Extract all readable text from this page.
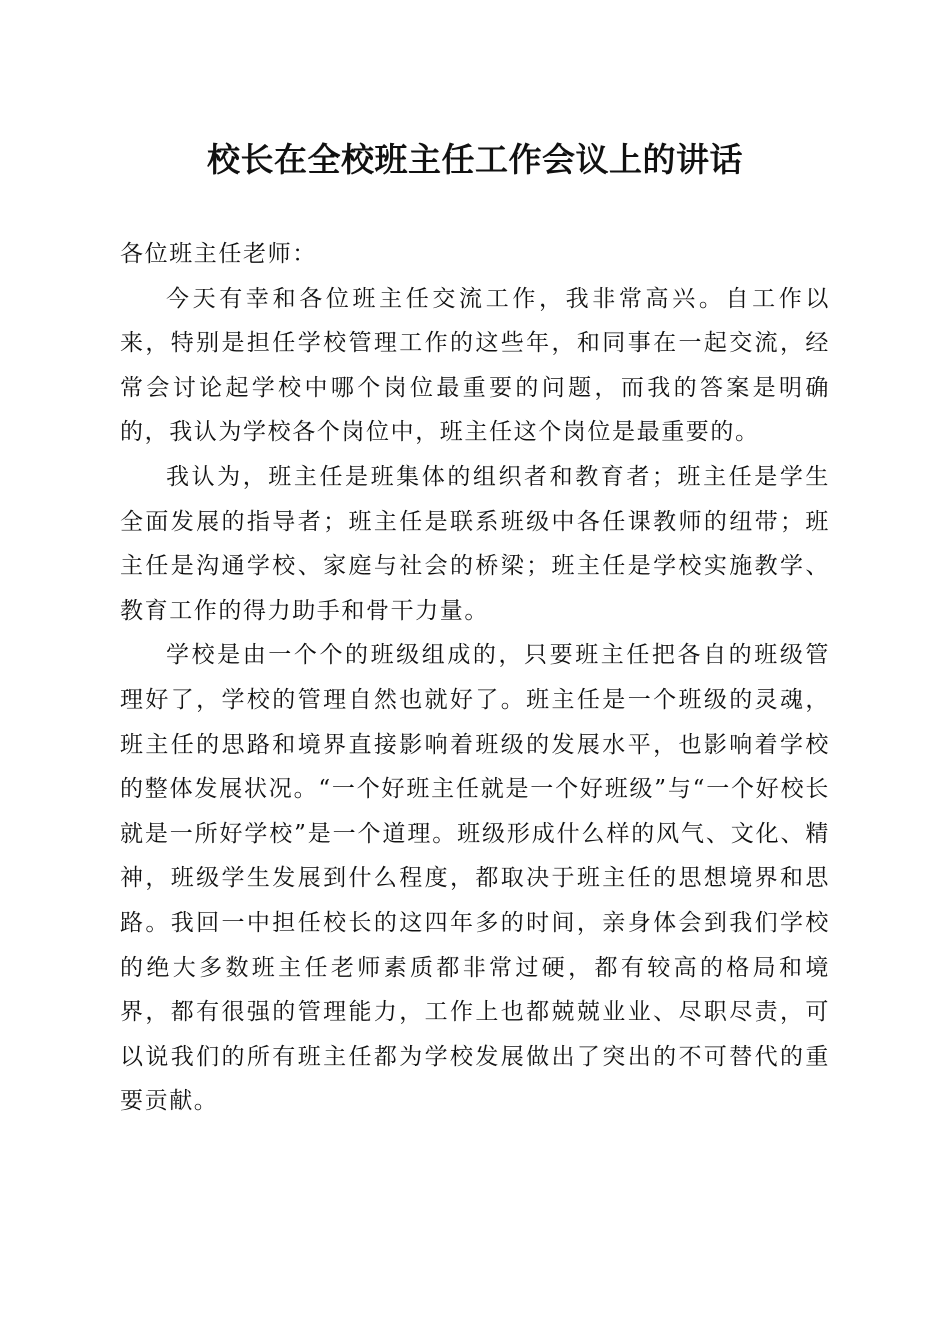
校长在全校班主任工作会议上的讲话

各位班主任老师：

今天有幸和各位班主任交流工作，我非常高兴。自工作以来，特别是担任学校管理工作的这些年，和同事在一起交流，经常会讨论起学校中哪个岗位最重要的问题，而我的答案是明确的，我认为学校各个岗位中，班主任这个岗位是最重要的。

我认为，班主任是班集体的组织者和教育者；班主任是学生全面发展的指导者；班主任是联系班级中各任课教师的纽带；班主任是沟通学校、家庭与社会的桥梁；班主任是学校实施教学、教育工作的得力助手和骨干力量。

学校是由一个个的班级组成的，只要班主任把各自的班级管理好了，学校的管理自然也就好了。班主任是一个班级的灵魂，班主任的思路和境界直接影响着班级的发展水平，也影响着学校的整体发展状况。“一个好班主任就是一个好班级”与“一个好校长就是一所好学校”是一个道理。班级形成什么样的风气、文化、精神，班级学生发展到什么程度，都取决于班主任的思想境界和思路。我回一中担任校长的这四年多的时间，亲身体会到我们学校的绝大多数班主任老师素质都非常过硬，都有较高的格局和境界，都有很强的管理能力，工作上也都兢兢业业、尽职尽责，可以说我们的所有班主任都为学校发展做出了突出的不可替代的重要贡献。
